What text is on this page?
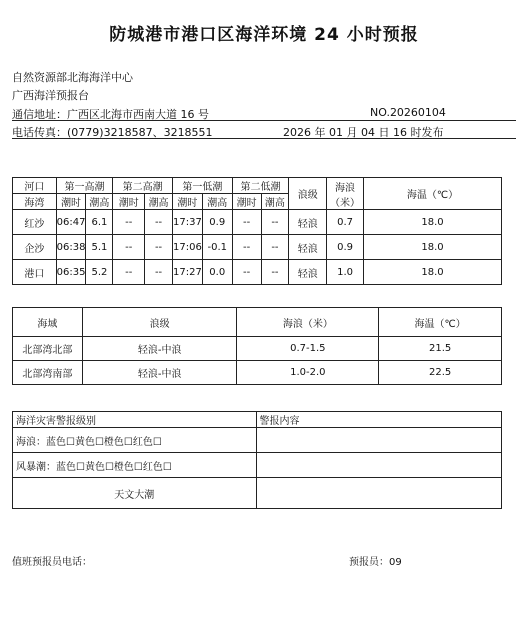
防城港市港口区海洋环境 24 小时预报
自然资源部北海海洋中心
广西海洋预报台
通信地址：广西区北海市西南大道 16 号	NO.20260104
电话传真：(0779)3218587、3218551	2026 年 01 月 04 日 16 时发布
河口	第一高潮		第二高潮		第一低潮		第二低潮		浪级	海浪（米）	海温（℃）
海湾	潮时	潮高	潮时	潮高	潮时	潮高	潮时	潮高			
红沙	06:47	6.1	--	--	17:37	0.9	--	--	轻浪	0.7	18.0
企沙	06:38	5.1	--	--	17:06	-0.1	--	--	轻浪	0.9	18.0
港口	06:35	5.2	--	--	17:27	0.0	--	--	轻浪	1.0	18.0
海域	浪级	海浪（米）	海温（℃）
北部湾北部	轻浪-中浪	0.7-1.5	21.5
北部湾南部	轻浪-中浪	1.0-2.0	22.5
海洋灾害警报级别	警报内容
海浪：蓝色☐黄色☐橙色☐红色☐	
风暴潮：蓝色☐黄色☐橙色☐红色☐	
天文大潮	
值班预报员电话：	预报员：09
